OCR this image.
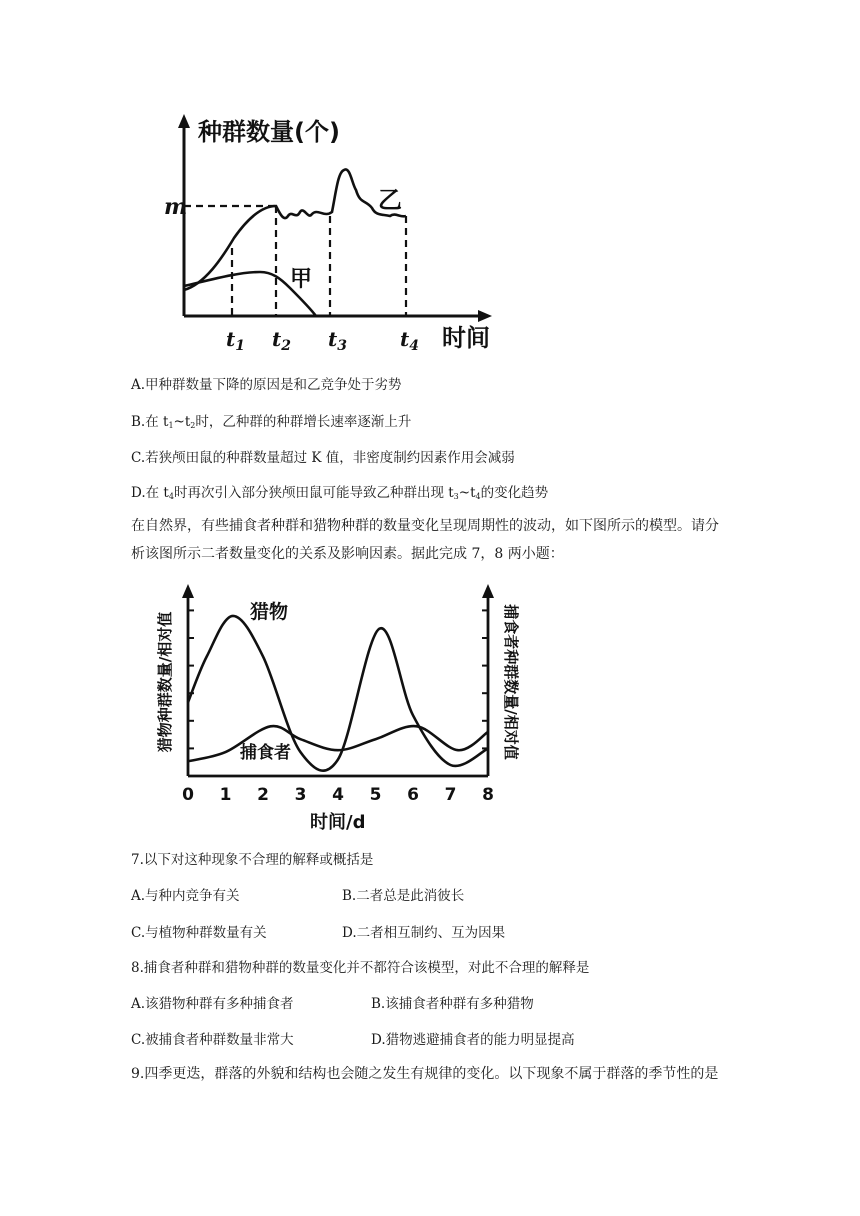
种群数量(个)
时间
m
甲
乙
$t_1$ $t_2$ $t_3$	$t_4$
A.甲种群数量下降的原因是和乙竞争处于劣势
B.在 $t_1\sim t_2$时，乙种群的种群增长速率逐渐上升
C.若狭颅田鼠的种群数量超过 K 值，非密度制约因素作用会减弱
D.在 $t_4$时再次引入部分狭颅田鼠可能导致乙种群出现 $t_3\sim t_4$的变化趋势
在自然界，有些捕食者种群和猎物种群的数量变化呈现周期性的波动，如下图所示的模型。请分析该图所示二者数量变化的关系及影响因素。据此完成 7，8 两小题：
时间/d
猎物种群数量/相对值	捕食者种群数量/相对值
猎物
捕食者
0 1 2 3 4 5 6 7 8
7.以下对这种现象不合理的解释或概括是
A.与种内竞争有关	B.二者总是此消彼长
C.与植物种群数量有关	D.二者相互制约、互为因果
8.捕食者种群和猎物种群的数量变化并不都符合该模型，对此不合理的解释是
A.该猎物种群有多种捕食者	B.该捕食者种群有多种猎物
C.被捕食者种群数量非常大	D.猎物逃避捕食者的能力明显提高
9.四季更迭，群落的外貌和结构也会随之发生有规律的变化。以下现象不属于群落的季节性的是
